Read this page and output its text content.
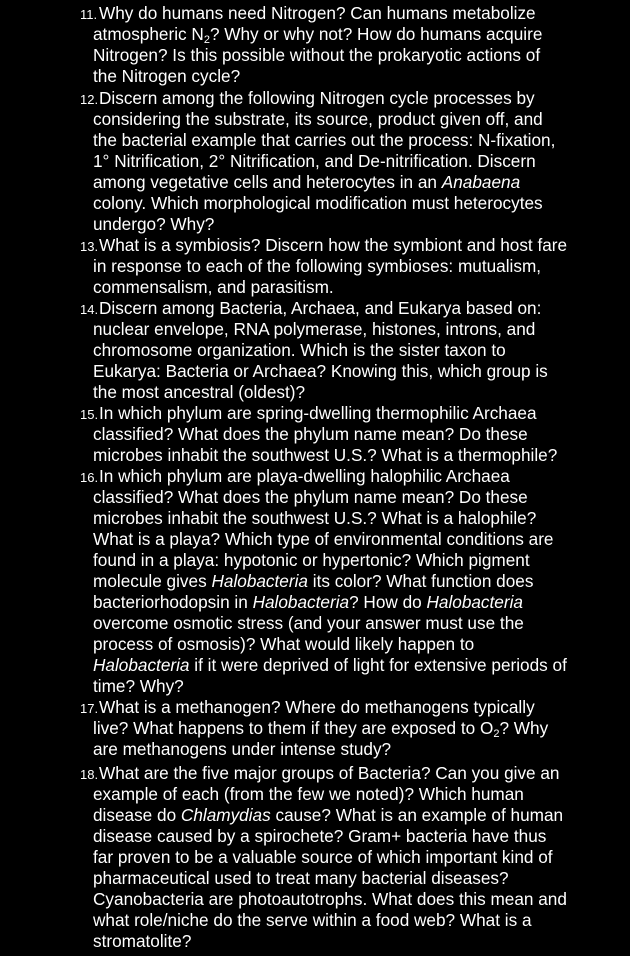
11. Why do humans need Nitrogen? Can humans metabolize
atmospheric $N_2$? Why or why not? How do humans acquire
Nitrogen? Is this possible without the prokaryotic actions of
the Nitrogen cycle?
12. Discern among the following Nitrogen cycle processes by
considering the substrate, its source, product given off, and
the bacterial example that carries out the process: N-fixation,
1° Nitrification, 2° Nitrification, and De-nitrification. Discern
among vegetative cells and heterocytes in an Anabaena
colony. Which morphological modification must heterocytes
undergo? Why?
13. What is a symbiosis? Discern how the symbiont and host fare
in response to each of the following symbioses: mutualism,
commensalism, and parasitism.
14. Discern among Bacteria, Archaea, and Eukarya based on:
nuclear envelope, RNA polymerase, histones, introns, and
chromosome organization. Which is the sister taxon to
Eukarya: Bacteria or Archaea? Knowing this, which group is
the most ancestral (oldest)?
15. In which phylum are spring-dwelling thermophilic Archaea
classified? What does the phylum name mean? Do these
microbes inhabit the southwest U.S.? What is a thermophile?
16. In which phylum are playa-dwelling halophilic Archaea
classified? What does the phylum name mean? Do these
microbes inhabit the southwest U.S.? What is a halophile?
What is a playa? Which type of environmental conditions are
found in a playa: hypotonic or hypertonic? Which pigment
molecule gives Halobacteria its color? What function does
bacteriorhodopsin in Halobacteria? How do Halobacteria
overcome osmotic stress (and your answer must use the
process of osmosis)? What would likely happen to
Halobacteria if it were deprived of light for extensive periods of
time? Why?
17. What is a methanogen? Where do methanogens typically
live? What happens to them if they are exposed to $O_2$? Why
are methanogens under intense study?
18. What are the five major groups of Bacteria? Can you give an
example of each (from the few we noted)? Which human
disease do Chlamydias cause? What is an example of human
disease caused by a spirochete? Gram+ bacteria have thus
far proven to be a valuable source of which important kind of
pharmaceutical used to treat many bacterial diseases?
Cyanobacteria are photoautotrophs. What does this mean and
what role/niche do the serve within a food web? What is a
stromatolite?
